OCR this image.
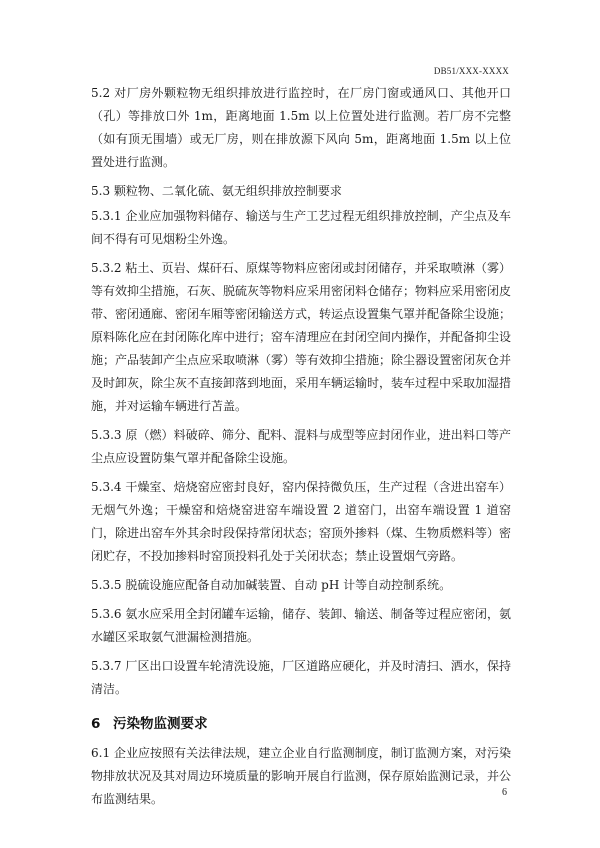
DB51/XXX-XXXX

5.2 对厂房外颗粒物无组织排放进行监控时，在厂房门窗或通风口、其他开口（孔）等排放口外 1m，距离地面 1.5m 以上位置处进行监测。若厂房不完整（如有顶无围墙）或无厂房，则在排放源下风向 5m，距离地面 1.5m 以上位置处进行监测。

5.3 颗粒物、二氧化硫、氨无组织排放控制要求

5.3.1 企业应加强物料储存、输送与生产工艺过程无组织排放控制，产尘点及车间不得有可见烟粉尘外逸。

5.3.2 粘土、页岩、煤矸石、原煤等物料应密闭或封闭储存，并采取喷淋（雾）等有效抑尘措施，石灰、脱硫灰等物料应采用密闭料仓储存；物料应采用密闭皮带、密闭通廊、密闭车厢等密闭输送方式，转运点设置集气罩并配备除尘设施；原料陈化应在封闭陈化库中进行；窑车清理应在封闭空间内操作，并配备抑尘设施；产品装卸产尘点应采取喷淋（雾）等有效抑尘措施；除尘器设置密闭灰仓并及时卸灰，除尘灰不直接卸落到地面，采用车辆运输时，装车过程中采取加湿措施，并对运输车辆进行苫盖。

5.3.3 原（燃）料破碎、筛分、配料、混料与成型等应封闭作业，进出料口等产尘点应设置防集气罩并配备除尘设施。

5.3.4 干燥室、焙烧窑应密封良好，窑内保持微负压，生产过程（含进出窑车）无烟气外逸；干燥窑和焙烧窑进窑车端设置 2 道窑门，出窑车端设置 1 道窑门，除进出窑车外其余时段保持常闭状态；窑顶外掺料（煤、生物质燃料等）密闭贮存，不投加掺料时窑顶投料孔处于关闭状态；禁止设置烟气旁路。

5.3.5 脱硫设施应配备自动加碱装置、自动 pH 计等自动控制系统。

5.3.6 氨水应采用全封闭罐车运输，储存、装卸、输送、制备等过程应密闭，氨水罐区采取氨气泄漏检测措施。

5.3.7 厂区出口设置车轮清洗设施，厂区道路应硬化，并及时清扫、洒水，保持清洁。

6 污染物监测要求

6.1 企业应按照有关法律法规，建立企业自行监测制度，制订监测方案，对污染物排放状况及其对周边环境质量的影响开展自行监测，保存原始监测记录，并公布监测结果。	6
